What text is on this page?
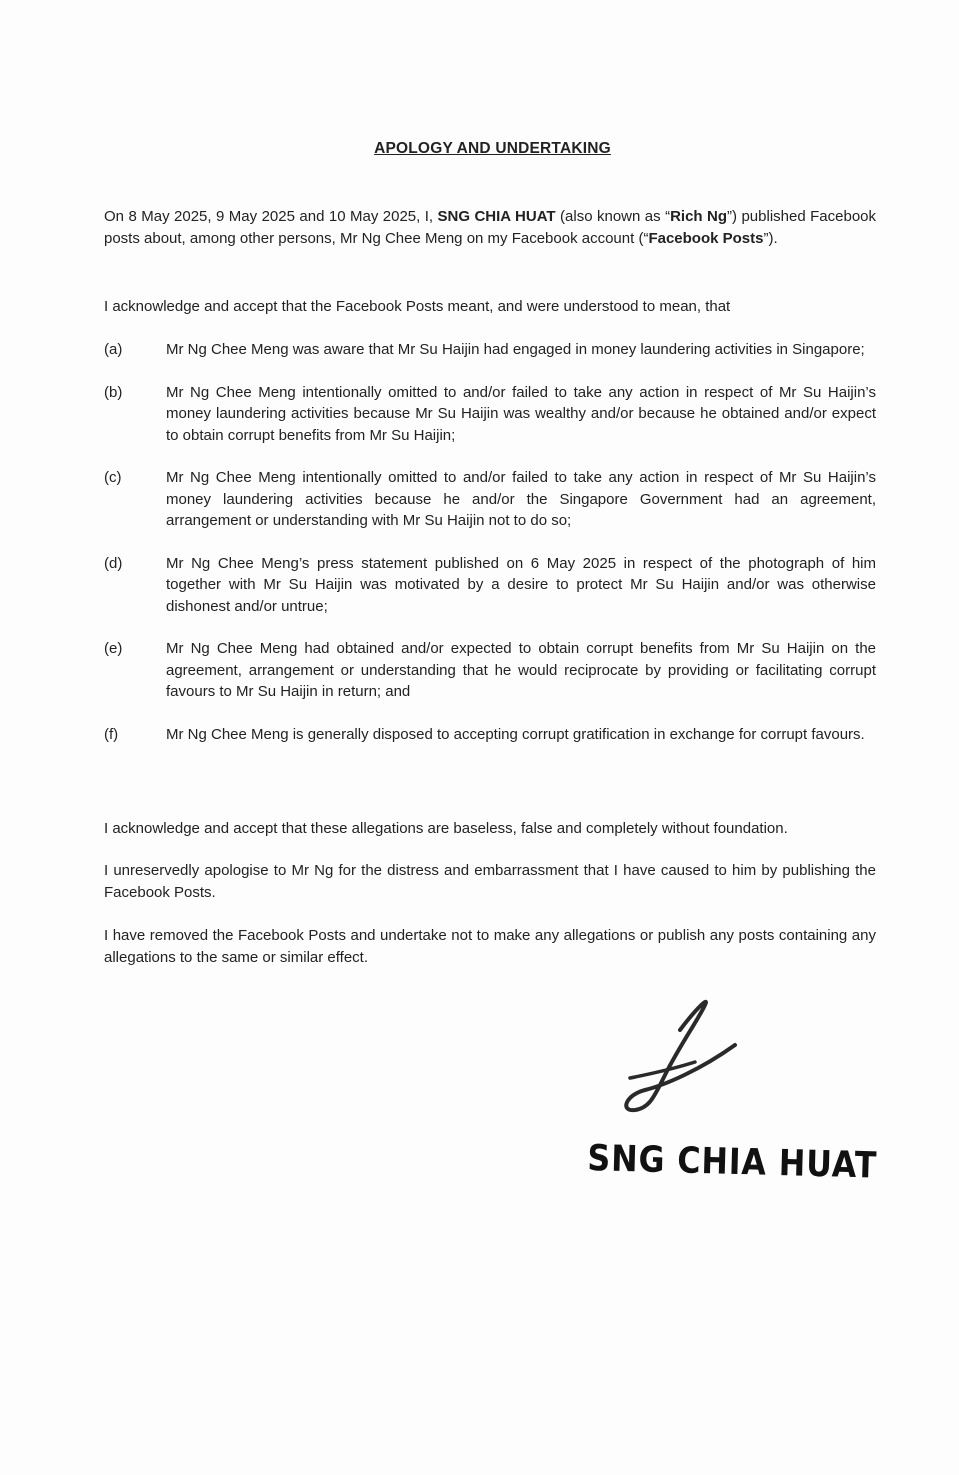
APOLOGY AND UNDERTAKING

On 8 May 2025, 9 May 2025 and 10 May 2025, I, SNG CHIA HUAT (also known as “Rich Ng”) published Facebook posts about, among other persons, Mr Ng Chee Meng on my Facebook account (“Facebook Posts”).

I acknowledge and accept that the Facebook Posts meant, and were understood to mean, that

(a)	Mr Ng Chee Meng was aware that Mr Su Haijin had engaged in money laundering activities in Singapore;
(b)	Mr Ng Chee Meng intentionally omitted to and/or failed to take any action in respect of Mr Su Haijin’s money laundering activities because Mr Su Haijin was wealthy and/or because he obtained and/or expect to obtain corrupt benefits from Mr Su Haijin;
(c)	Mr Ng Chee Meng intentionally omitted to and/or failed to take any action in respect of Mr Su Haijin’s money laundering activities because he and/or the Singapore Government had an agreement, arrangement or understanding with Mr Su Haijin not to do so;
(d)	Mr Ng Chee Meng’s press statement published on 6 May 2025 in respect of the photograph of him together with Mr Su Haijin was motivated by a desire to protect Mr Su Haijin and/or was otherwise dishonest and/or untrue;
(e)	Mr Ng Chee Meng had obtained and/or expected to obtain corrupt benefits from Mr Su Haijin on the agreement, arrangement or understanding that he would reciprocate by providing or facilitating corrupt favours to Mr Su Haijin in return; and
(f)	Mr Ng Chee Meng is generally disposed to accepting corrupt gratification in exchange for corrupt favours.

I acknowledge and accept that these allegations are baseless, false and completely without foundation.

I unreservedly apologise to Mr Ng for the distress and embarrassment that I have caused to him by publishing the Facebook Posts.

I have removed the Facebook Posts and undertake not to make any allegations or publish any posts containing any allegations to the same or similar effect.

SNG CHIA HUAT
